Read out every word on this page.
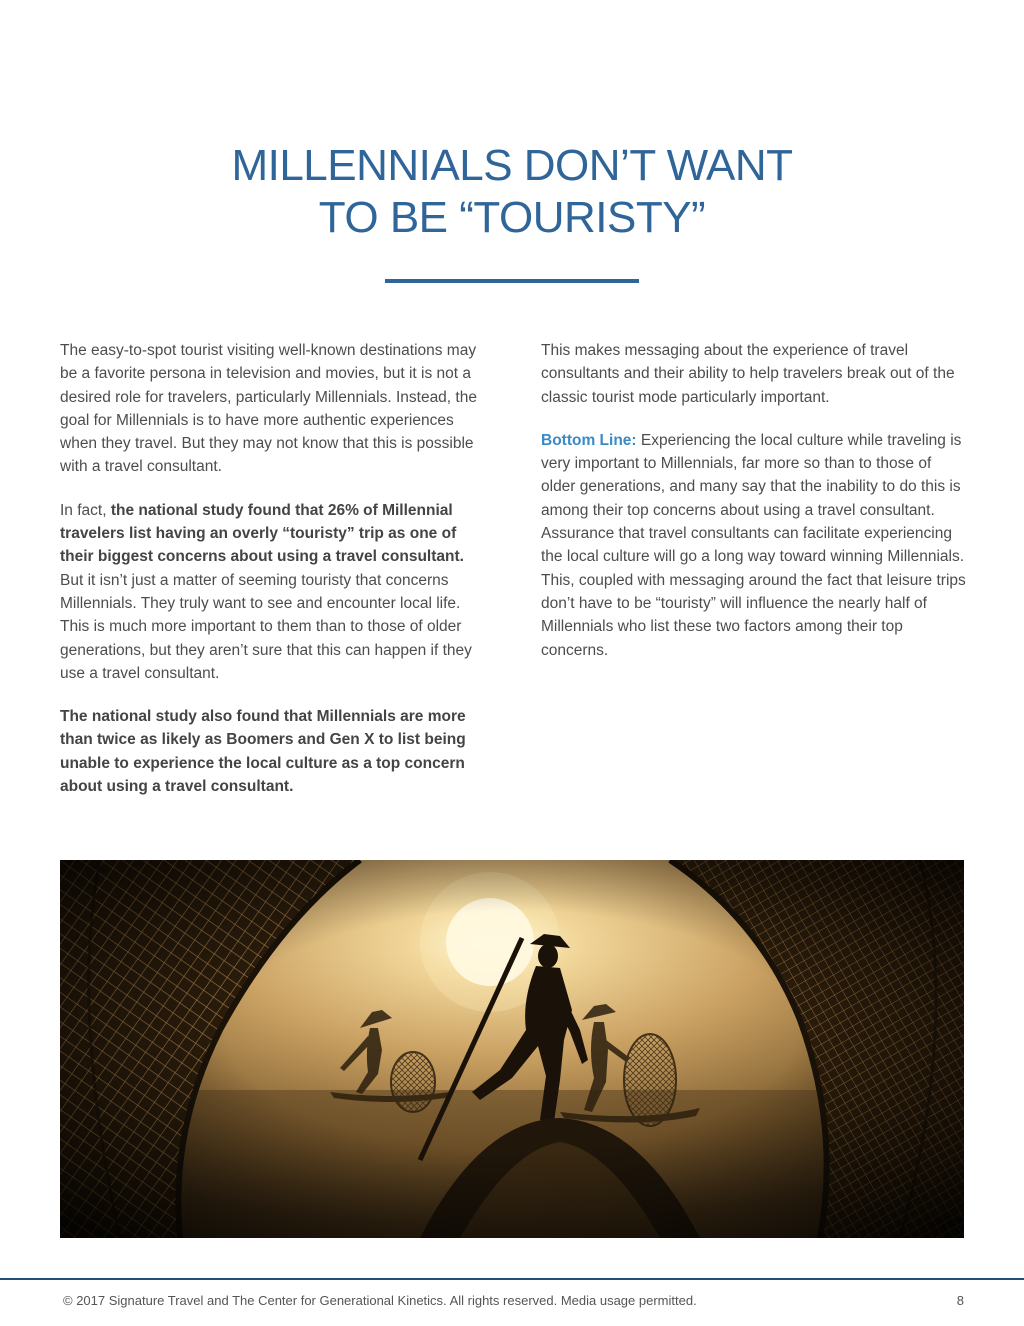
MILLENNIALS DON’T WANT
TO BE “TOURISTY”

The easy-to-spot tourist visiting well-known destinations may be a favorite persona in television and movies, but it is not a desired role for travelers, particularly Millennials. Instead, the goal for Millennials is to have more authentic experiences when they travel. But they may not know that this is possible with a travel consultant.

In fact, the national study found that 26% of Millennial travelers list having an overly “touristy” trip as one of their biggest concerns about using a travel consultant. But it isn’t just a matter of seeming touristy that concerns Millennials. They truly want to see and encounter local life. This is much more important to them than to those of older generations, but they aren’t sure that this can happen if they use a travel consultant.

The national study also found that Millennials are more than twice as likely as Boomers and Gen X to list being unable to experience the local culture as a top concern about using a travel consultant.

This makes messaging about the experience of travel consultants and their ability to help travelers break out of the classic tourist mode particularly important.

Bottom Line: Experiencing the local culture while traveling is very important to Millennials, far more so than to those of older generations, and many say that the inability to do this is among their top concerns about using a travel consultant. Assurance that travel consultants can facilitate experiencing the local culture will go a long way toward winning Millennials. This, coupled with messaging around the fact that leisure trips don’t have to be “touristy” will influence the nearly half of Millennials who list these two factors among their top concerns.

© 2017 Signature Travel and The Center for Generational Kinetics. All rights reserved. Media usage permitted.	8
